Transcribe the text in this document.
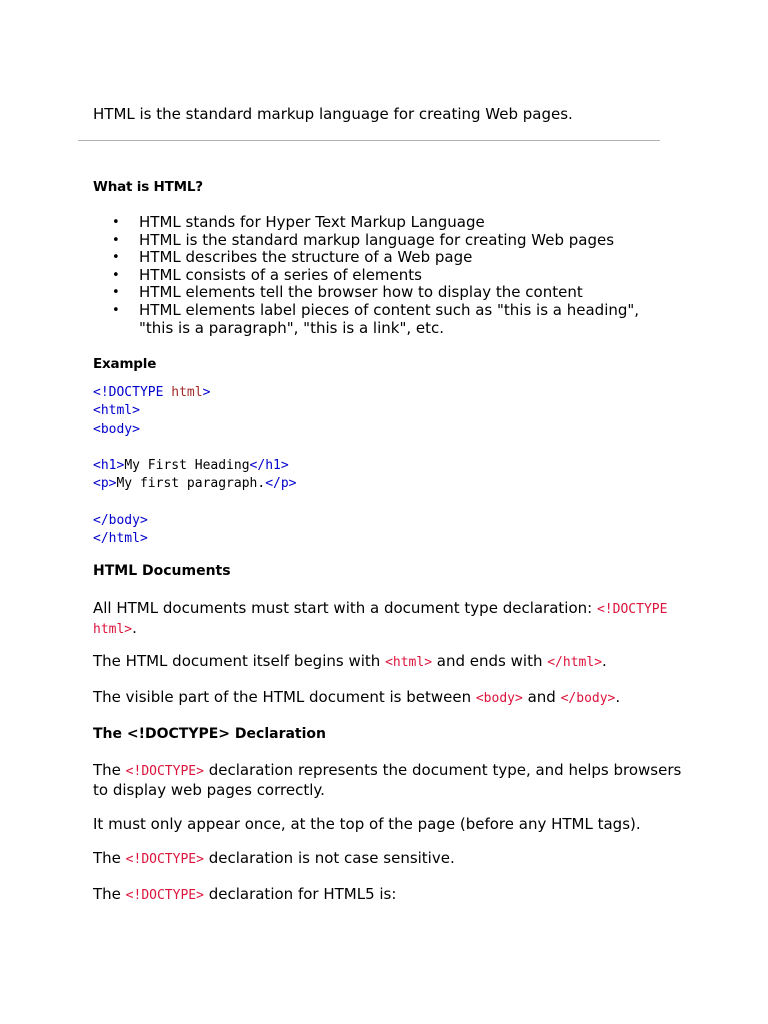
HTML is the standard markup language for creating Web pages.

What is HTML?
• HTML stands for Hyper Text Markup Language
• HTML is the standard markup language for creating Web pages
• HTML describes the structure of a Web page
• HTML consists of a series of elements
• HTML elements tell the browser how to display the content
• HTML elements label pieces of content such as "this is a heading", "this is a paragraph", "this is a link", etc.
Example
<!DOCTYPE html>
<html>
<body>

<h1>My First Heading</h1>
<p>My first paragraph.</p>

</body>
</html>
HTML Documents

All HTML documents must start with a document type declaration: <!DOCTYPE html>.

The HTML document itself begins with <html> and ends with </html>.

The visible part of the HTML document is between <body> and </body>.

The <!DOCTYPE> Declaration

The <!DOCTYPE> declaration represents the document type, and helps browsers to display web pages correctly.

It must only appear once, at the top of the page (before any HTML tags).

The <!DOCTYPE> declaration is not case sensitive.

The <!DOCTYPE> declaration for HTML5 is:
